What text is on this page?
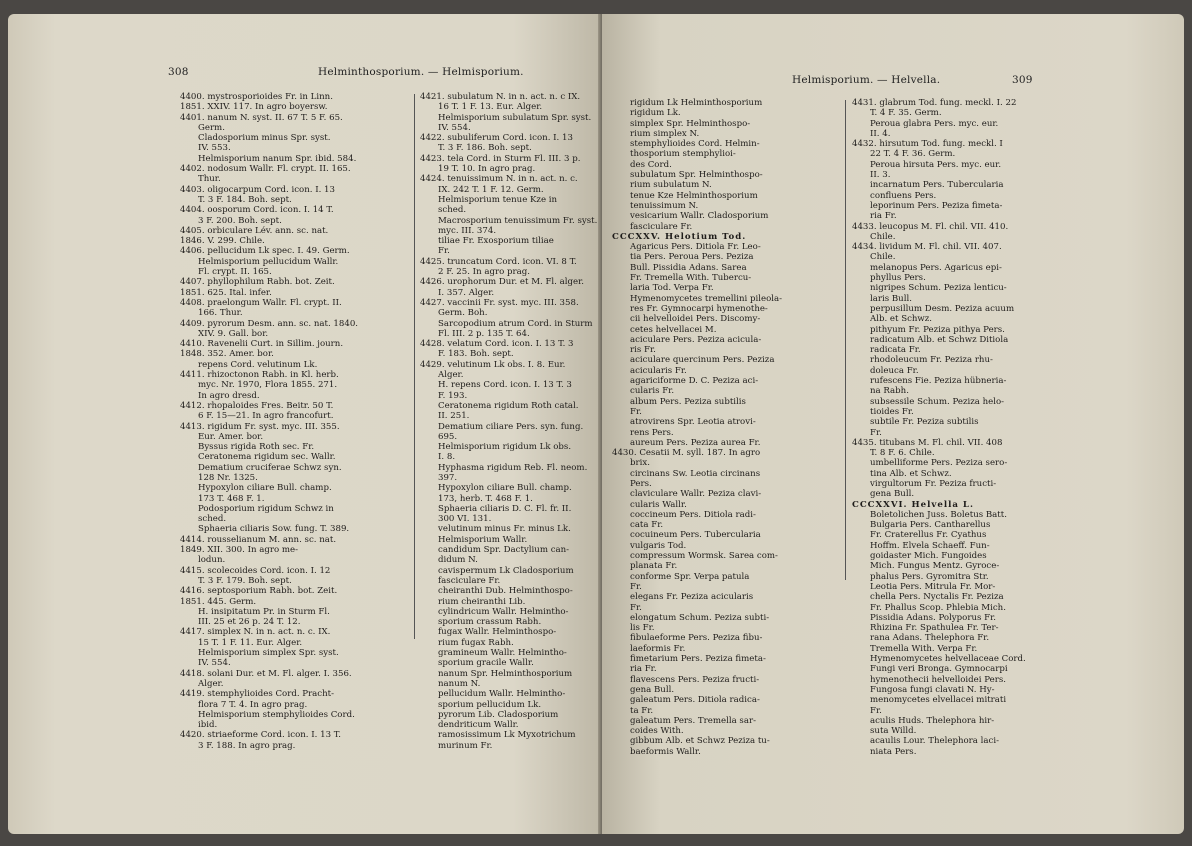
308	Helminthosporium. — Helmisporium.
4400. mystrosporioides Fr. in Linn.
1851. XXIV. 117. In agro boyersw.
4401. nanum N. syst. II. 67 T. 5 F. 65.
Germ.
Cladosporium minus Spr. syst.
IV. 553.
Helmisporium nanum Spr. ibid. 584.
4402. nodosum Wallr. Fl. crypt. II. 165.
Thur.
4403. oligocarpum Cord. icon. I. 13
T. 3 F. 184. Boh. sept.
4404. oosporum Cord. icon. I. 14 T.
3 F. 200. Boh. sept.
4405. orbiculare Lév. ann. sc. nat.
1846. V. 299. Chile.
4406. pellucidum Lk spec. I. 49. Germ.
Helmisporium pellucidum Wallr.
Fl. crypt. II. 165.
4407. phyllophilum Rabh. bot. Zeit.
1851. 625. Ital. infer.
4408. praelongum Wallr. Fl. crypt. II.
166. Thur.
4409. pyrorum Desm. ann. sc. nat. 1840.
XIV. 9. Gall. bor.
4410. Ravenelii Curt. in Sillim. journ.
1848. 352. Amer. bor.
repens Cord. velutinum Lk.
4411. rhizoctonon Rabh. in Kl. herb.
myc. Nr. 1970, Flora 1855. 271.
In agro dresd.
4412. rhopaloides Fres. Beitr. 50 T.
6 F. 15—21. In agro francofurt.
4413. rigidum Fr. syst. myc. III. 355.
Eur. Amer. bor.
Byssus rigida Roth sec. Fr.
Ceratonema rigidum sec. Wallr.
Dematium cruciferae Schwz syn.
128 Nr. 1325.
Hypoxylon ciliare Bull. champ.
173 T. 468 F. 1.
Podosporium rigidum Schwz in
sched.
Sphaeria ciliaris Sow. fung. T. 389.
4414. rousselianum M. ann. sc. nat.
1849. XII. 300. In agro me-
lodun.
4415. scolecoides Cord. icon. I. 12
T. 3 F. 179. Boh. sept.
4416. septosporium Rabh. bot. Zeit.
1851. 445. Germ.
H. insipitatum Pr. in Sturm Fl.
III. 25 et 26 p. 24 T. 12.
4417. simplex N. in n. act. n. c. IX.
15 T. 1 F. 11. Eur. Alger.
Helmisporium simplex Spr. syst.
IV. 554.
4418. solani Dur. et M. Fl. alger. I. 356.
Alger.
4419. stemphylioides Cord. Pracht-
flora 7 T. 4. In agro prag.
Helmisporium stemphylioides Cord.
ibid.
4420. striaeforme Cord. icon. I. 13 T.
3 F. 188. In agro prag.
4421. subulatum N. in n. act. n. c IX.
16 T. 1 F. 13. Eur. Alger.
Helmisporium subulatum Spr. syst.
IV. 554.
4422. subuliferum Cord. icon. I. 13
T. 3 F. 186. Boh. sept.
4423. tela Cord. in Sturm Fl. III. 3 p.
19 T. 10. In agro prag.
4424. tenuissimum N. in n. act. n. c.
IX. 242 T. 1 F. 12. Germ.
Helmisporium tenue Kze in
sched.
Macrosporium tenuissimum Fr. syst.
myc. III. 374.
tiliae Fr. Exosporium tiliae
Fr.
4425. truncatum Cord. icon. VI. 8 T.
2 F. 25. In agro prag.
4426. urophorum Dur. et M. Fl. alger.
I. 357. Alger.
4427. vaccinii Fr. syst. myc. III. 358.
Germ. Boh.
Sarcopodium atrum Cord. in Sturm
Fl. III. 2 p. 135 T. 64.
4428. velatum Cord. icon. I. 13 T. 3
F. 183. Boh. sept.
4429. velutinum Lk obs. I. 8. Eur.
Alger.
H. repens Cord. icon. I. 13 T. 3
F. 193.
Ceratonema rigidum Roth catal.
II. 251.
Dematium ciliare Pers. syn. fung.
695.
Helmisporium rigidum Lk obs.
I. 8.
Hyphasma rigidum Reb. Fl. neom.
397.
Hypoxylon ciliare Bull. champ.
173, herb. T. 468 F. 1.
Sphaeria ciliaris D. C. Fl. fr. II.
300 VI. 131.
velutinum minus Fr. minus Lk.
Helmisporium Wallr.
candidum Spr. Dactylium can-
didum N.
cavispermum Lk Cladosporium
fasciculare Fr.
cheiranthi Dub. Helminthospo-
rium cheiranthi Lib.
cylindricum Wallr. Helmintho-
sporium crassum Rabh.
fugax Wallr. Helminthospo-
rium fugax Rabh.
gramineum Wallr. Helmintho-
sporium gracile Wallr.
nanum Spr. Helminthosporium
nanum N.
pellucidum Wallr. Helmintho-
sporium pellucidum Lk.
pyrorum Lib. Cladosporium
dendriticum Wallr.
ramosissimum Lk Myxotrichum
murinum Fr.
Helmisporium. — Helvella.	309
rigidum Lk Helminthosporium
rigidum Lk.
simplex Spr. Helminthospo-
rium simplex N.
stemphylioides Cord. Helmin-
thosporium stemphylioi-
des Cord.
subulatum Spr. Helminthospo-
rium subulatum N.
tenue Kze Helminthosporium
tenuissimum N.
vesicarium Wallr. Cladosporium
fasciculare Fr.
CCCXXV. Helotium Tod.
Agaricus Pers. Ditiola Fr. Leo-
tia Pers. Peroua Pers. Peziza
Bull. Pissidia Adans. Sarea
Fr. Tremella With. Tubercu-
laria Tod. Verpa Fr.
Hymenomycetes tremellini pileola-
res Fr. Gymnocarpi hymenothe-
cii helvelloidei Pers. Discomy-
cetes helvellacei M.
acicularе Pers. Peziza acicula-
ris Fr.
aciculare quercinum Pers. Peziza
acicularis Fr.
agariciforme D. C. Peziza aci-
cularis Fr.
album Pers. Peziza subtilis
Fr.
atrovirens Spr. Leotia atrovi-
rens Pers.
aureum Pers. Peziza aurea Fr.
4430. Cesatii M. syll. 187. In agro
brix.
circinans Sw. Leotia circinans
Pers.
claviculare Wallr. Peziza clavi-
cularis Wallr.
coccineum Pers. Ditiola radi-
cata Fr.
cocuineum Pers. Tubercularia
vulgaris Tod.
compressum Wormsk. Sarea com-
planata Fr.
conforme Spr. Verpa patula
Fr.
elegans Fr. Peziza acicularis
Fr.
elongatum Schum. Peziza subti-
lis Fr.
fibulaeforme Pers. Peziza fibu-
laeformis Fr.
fimetarium Pers. Peziza fimeta-
ria Fr.
flavescens Pers. Peziza fructi-
gena Bull.
galeatum Pers. Ditiola radica-
ta Fr.
galeatum Pers. Tremella sar-
coides With.
gibbum Alb. et Schwz Peziza tu-
baeformis Wallr.
4431. glabrum Tod. fung. meckl. I. 22
T. 4 F. 35. Germ.
Peroua glabra Pers. myc. eur.
II. 4.
4432. hirsutum Tod. fung. meckl. I
22 T. 4 F. 36. Germ.
Peroua hirsuta Pers. myc. eur.
II. 3.
incarnatum Pers. Tubercularia
confluens Pers.
leporinum Pers. Peziza fimeta-
ria Fr.
4433. leucopus M. Fl. chil. VII. 410.
Chile.
4434. lividum M. Fl. chil. VII. 407.
Chile.
melanopus Pers. Agaricus epi-
phyllus Pers.
nigripes Schum. Peziza lenticu-
laris Bull.
perpusillum Desm. Peziza acuum
Alb. et Schwz.
pithyum Fr. Peziza pithya Pers.
radicatum Alb. et Schwz Ditiola
radicata Fr.
rhodoleucum Fr. Peziza rhu-
doleuca Fr.
rufescens Fie. Peziza hübneria-
na Rabh.
subsessile Schum. Peziza helo-
tioides Fr.
subtile Fr. Peziza subtilis
Fr.
4435. titubans M. Fl. chil. VII. 408
T. 8 F. 6. Chile.
umbelliforme Pers. Peziza sero-
tina Alb. et Schwz.
virgultorum Fr. Peziza fructi-
gena Bull.
CCCXXVI. Helvella L.
Boletolichen Juss. Boletus Batt.
Bulgaria Pers. Cantharellus
Fr. Craterellus Fr. Cyathus
Hoffm. Elvela Schaeff. Fun-
goidaster Mich. Fungoides
Mich. Fungus Mentz. Gyroce-
phalus Pers. Gyromitra Str.
Leotia Pers. Mitrula Fr. Mor-
chella Pers. Nyctalis Fr. Peziza
Fr. Phallus Scop. Phlebia Mich.
Pissidia Adans. Polyporus Fr.
Rhizina Fr. Spathulea Fr. Ter-
rana Adans. Thelephora Fr.
Tremella With. Verpa Fr.
Hymenomycetes helvellaceae Cord.
Fungi veri Bronga. Gymnocarpi
hymenothecii helvelloidei Pers.
Fungosa fungi clavati N. Hy-
menomycetes elvellacei mitrati
Fr.
aculis Huds. Thelephora hir-
suta Willd.
acaulis Lour. Thelephora laci-
niata Pers.
